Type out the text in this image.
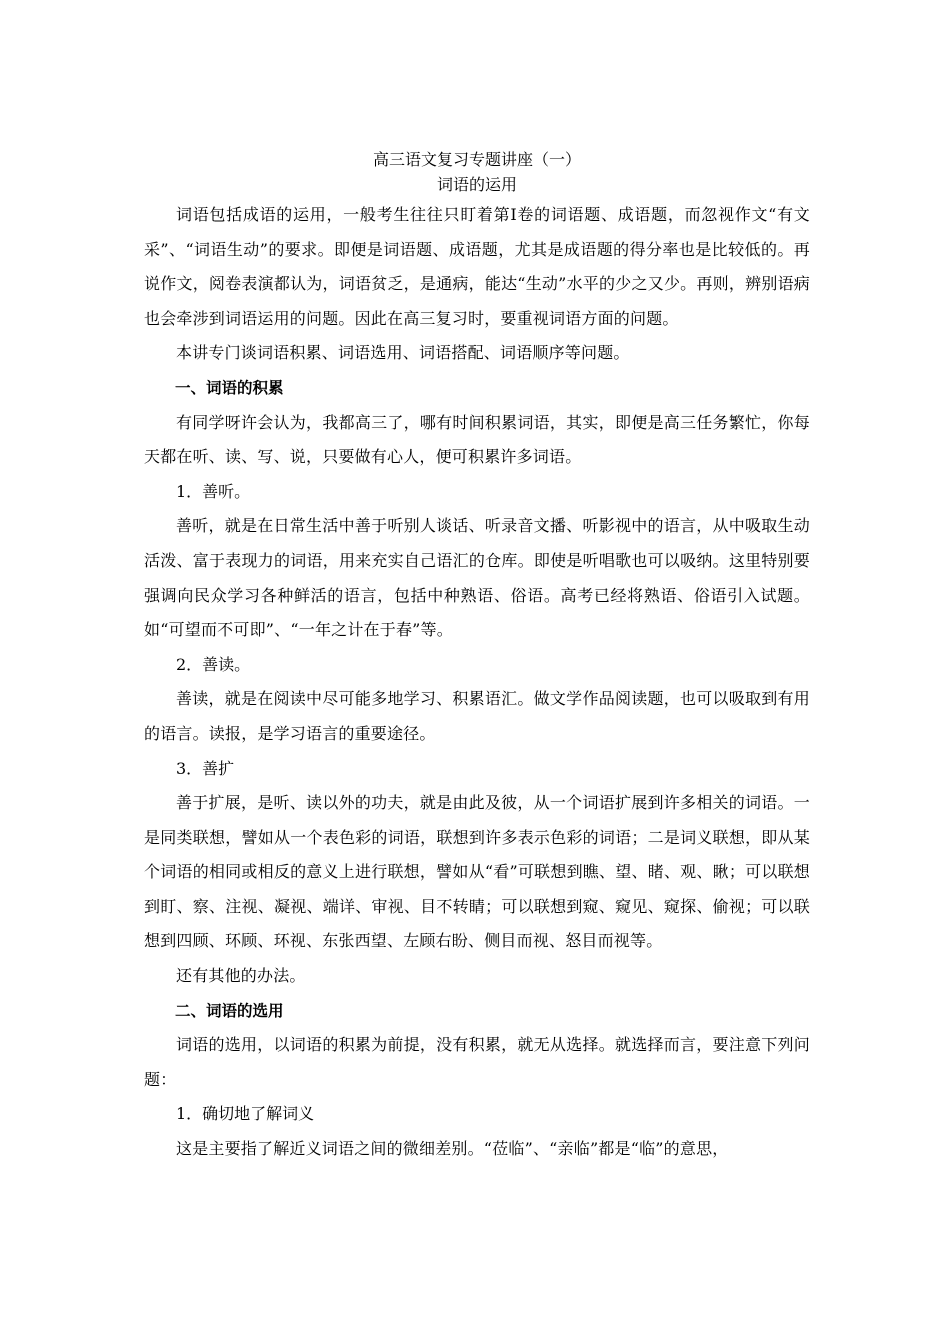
高三语文复习专题讲座（一）
词语的运用

词语包括成语的运用，一般考生往往只盯着第Ⅰ卷的词语题、成语题，而忽视作文“有文采”、“词语生动”的要求。即便是词语题、成语题，尤其是成语题的得分率也是比较低的。再说作文，阅卷表演都认为，词语贫乏，是通病，能达“生动”水平的少之又少。再则，辨别语病也会牵涉到词语运用的问题。因此在高三复习时，要重视词语方面的问题。

本讲专门谈词语积累、词语选用、词语搭配、词语顺序等问题。

一、词语的积累

有同学呀许会认为，我都高三了，哪有时间积累词语，其实，即便是高三任务繁忙，你每天都在听、读、写、说，只要做有心人，便可积累许多词语。

1．善听。

善听，就是在日常生活中善于听别人谈话、听录音文播、听影视中的语言，从中吸取生动活泼、富于表现力的词语，用来充实自己语汇的仓库。即使是听唱歌也可以吸纳。这里特别要强调向民众学习各种鲜活的语言，包括中种熟语、俗语。高考已经将熟语、俗语引入试题。如“可望而不可即”、“一年之计在于春”等。

2．善读。

善读，就是在阅读中尽可能多地学习、积累语汇。做文学作品阅读题，也可以吸取到有用的语言。读报，是学习语言的重要途径。

3．善扩

善于扩展，是听、读以外的功夫，就是由此及彼，从一个词语扩展到许多相关的词语。一是同类联想，譬如从一个表色彩的词语，联想到许多表示色彩的词语；二是词义联想，即从某个词语的相同或相反的意义上进行联想，譬如从“看”可联想到瞧、望、睹、观、瞅；可以联想到盯、察、注视、凝视、端详、审视、目不转睛；可以联想到窥、窥见、窥探、偷视；可以联想到四顾、环顾、环视、东张西望、左顾右盼、侧目而视、怒目而视等。

还有其他的办法。

二、词语的选用

词语的选用，以词语的积累为前提，没有积累，就无从选择。就选择而言，要注意下列问题：

1．确切地了解词义

这是主要指了解近义词语之间的微细差别。“莅临”、“亲临”都是“临”的意思，
